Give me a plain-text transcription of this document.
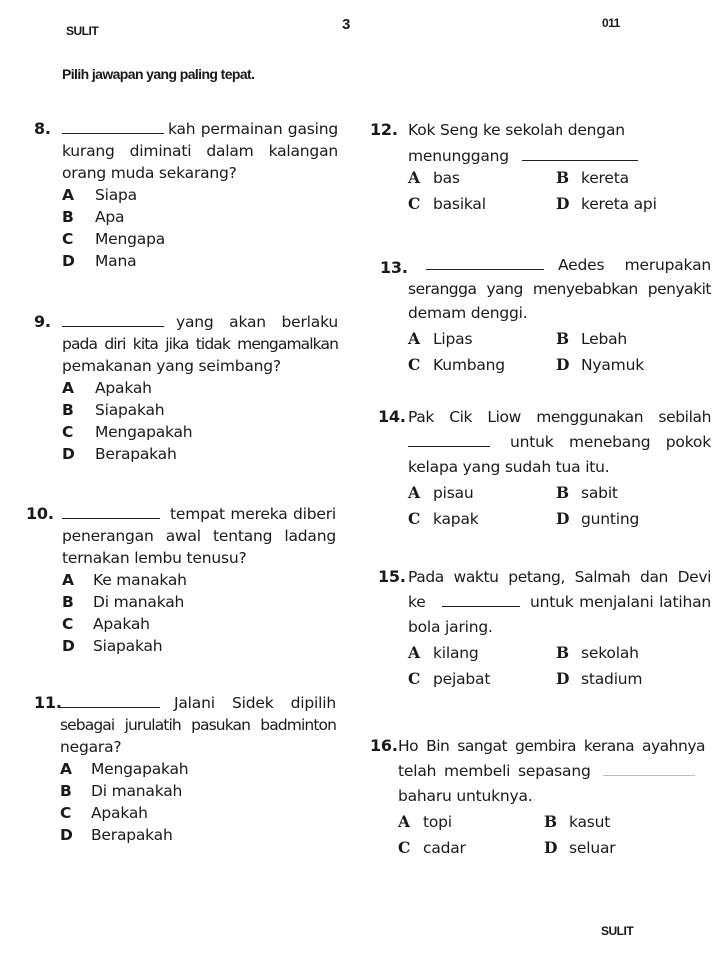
SULIT	3	011
Pilih jawapan yang paling tepat.
8.	kah permainan gasing
kurang diminati dalam kalangan
orang muda sekarang?
A Siapa
B Apa
C Mengapa
D Mana
9.	yang akan berlaku
pada diri kita jika tidak mengamalkan
pemakanan yang seimbang?
A Apakah
B Siapakah
C Mengapakah
D Berapakah
10.	tempat mereka diberi
penerangan awal tentang ladang
ternakan lembu tenusu?
A Ke manakah
B Di manakah
C Apakah
D Siapakah
11.	Jalani Sidek dipilih
sebagai jurulatih pasukan badminton
negara?
A Mengapakah
B Di manakah
C Apakah
D Berapakah
12. Kok Seng ke sekolah dengan
menunggang
A bas	B kereta
C basikal	D kereta api
13.	Aedes merupakan
serangga yang menyebabkan penyakit
demam denggi.
A Lipas	B Lebah
C Kumbang	D Nyamuk
14. Pak Cik Liow menggunakan sebilah
untuk menebang pokok
kelapa yang sudah tua itu.
A pisau	B sabit
C kapak	D gunting
15. Pada waktu petang, Salmah dan Devi
ke	untuk menjalani latihan
bola jaring.
A kilang	B sekolah
C pejabat	D stadium
16. Ho Bin sangat gembira kerana ayahnya
telah membeli sepasang
baharu untuknya.
A topi	B kasut
C cadar	D seluar
SULIT
